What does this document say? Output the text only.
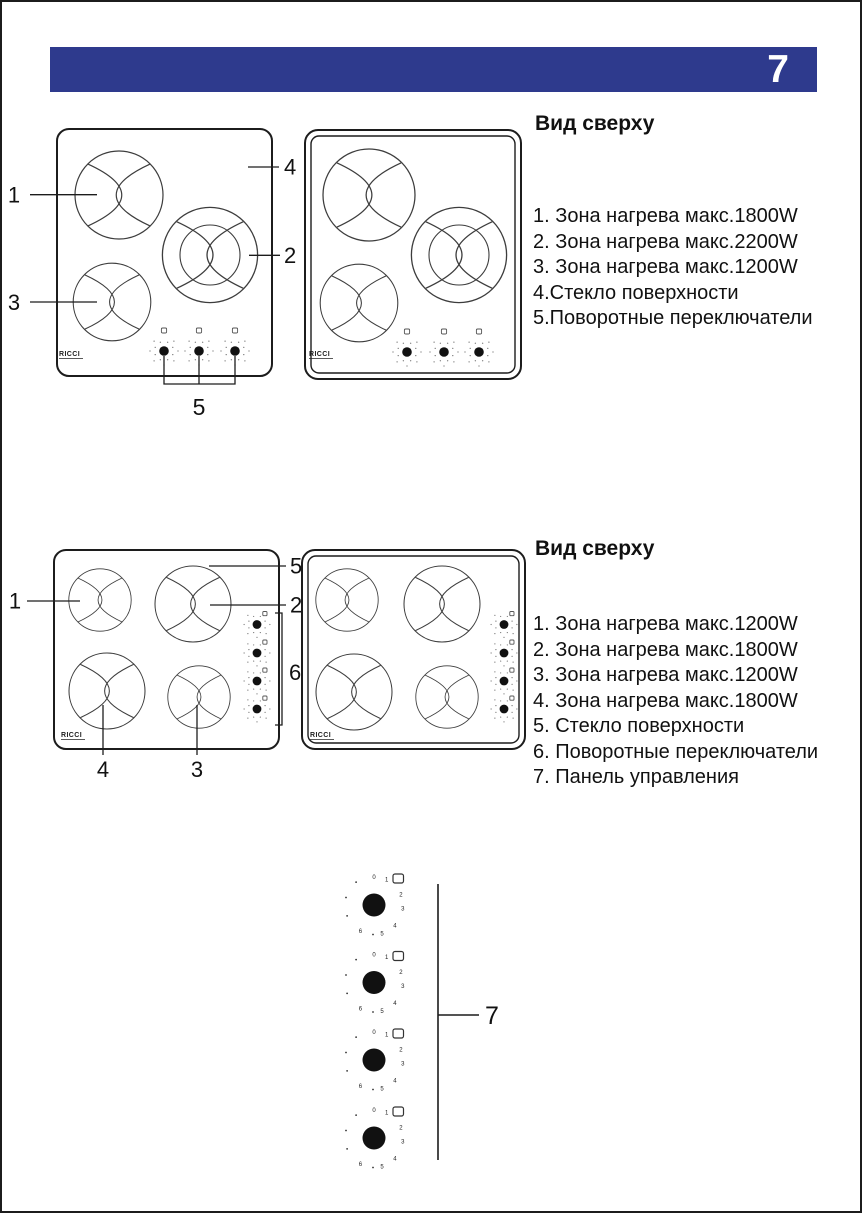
7
RICCI	RICCI
1
3
4
2
5
Вид сверху
1. Зона нагрева макс.1800W
2. Зона нагрева макс.2200W
3. Зона нагрева макс.1200W
4.Стекло поверхности
5.Поворотные переключатели
RICCI	RICCI
1
5
2
6
4	3
Вид сверху
1. Зона нагрева макс.1200W
2. Зона нагрева макс.1800W
3. Зона нагрева макс.1200W
4. Зона нагрева макс.1800W
5. Стекло поверхности
6. Поворотные переключатели
7. Панель управления
3
4
5
7
